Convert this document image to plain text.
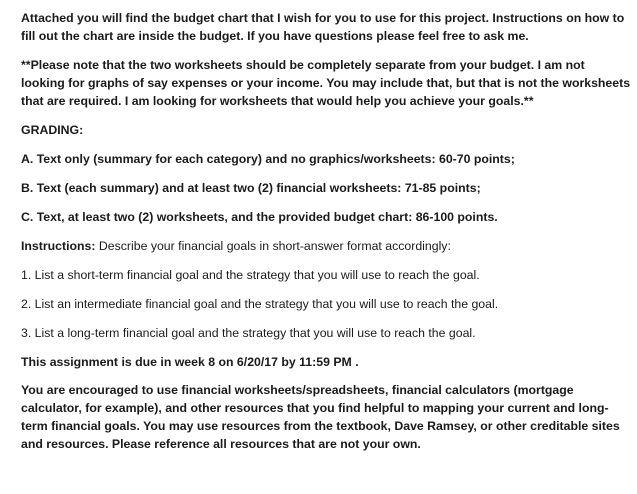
Attached you will find the budget chart that I wish for you to use for this project. Instructions on how to
fill out the chart are inside the budget. If you have questions please feel free to ask me.
**Please note that the two worksheets should be completely separate from your budget. I am not
looking for graphs of say expenses or your income. You may include that, but that is not the worksheets
that are required. I am looking for worksheets that would help you achieve your goals.**
GRADING:
A. Text only (summary for each category) and no graphics/worksheets: 60-70 points;
B. Text (each summary) and at least two (2) financial worksheets: 71-85 points;
C. Text, at least two (2) worksheets, and the provided budget chart: 86-100 points.
Instructions: Describe your financial goals in short-answer format accordingly:
1. List a short-term financial goal and the strategy that you will use to reach the goal.
2. List an intermediate financial goal and the strategy that you will use to reach the goal.
3. List a long-term financial goal and the strategy that you will use to reach the goal.
This assignment is due in week 8 on 6/20/17 by 11:59 PM .
You are encouraged to use financial worksheets/spreadsheets, financial calculators (mortgage
calculator, for example), and other resources that you find helpful to mapping your current and long-
term financial goals. You may use resources from the textbook, Dave Ramsey, or other creditable sites
and resources. Please reference all resources that are not your own.
